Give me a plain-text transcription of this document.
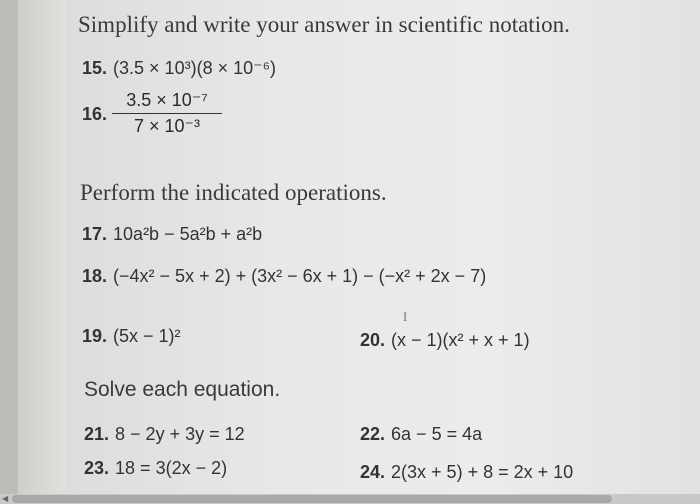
Simplify and write your answer in scientific notation.
15. (3.5 × 10³)(8 × 10⁻⁶)
16.
3.5 × 10⁻⁷
7 × 10⁻³
Perform the indicated operations.
17. 10a²b − 5a²b + a²b
18. (−4x² − 5x + 2) + (3x² − 6x + 1) − (−x² + 2x − 7)
19. (5x − 1)²
I
20. (x − 1)(x² + x + 1)
Solve each equation.
21. 8 − 2y + 3y = 12	22. 6a − 5 = 4a
23. 18 = 3(2x − 2)	24. 2(3x + 5) + 8 = 2x + 10
◀
